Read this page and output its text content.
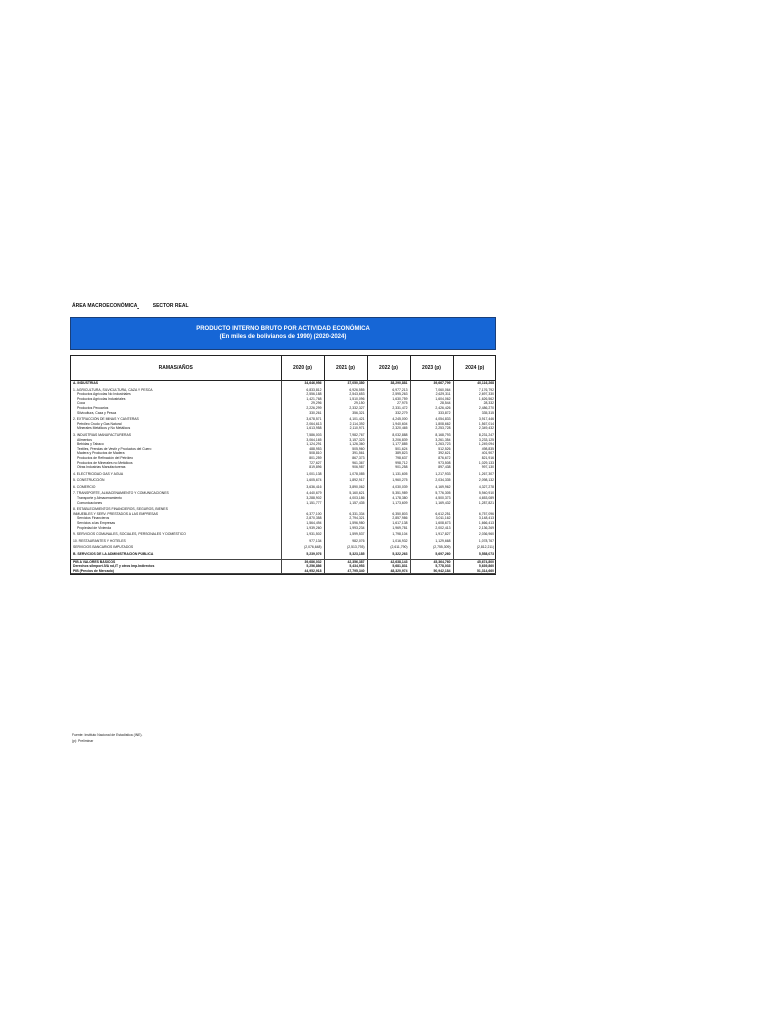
ÁREA MACROECONÓMICA	SECTOR REAL
PRODUCTO INTERNO BRUTO POR ACTIVIDAD ECONÓMICA
(En miles de bolivianos de 1990) (2020-2024)
RAMAS/AÑOS	2020 (p)	2021 (p)	2022 (p)	2023 (p)	2024 (p)
A. INDUSTRIAS	34,646,956	37,050,380	38,290,881	39,667,799	40,116,268

1. AGRICULTURA, SILVICULTURA, CAZA Y PESCA	6,833,812	6,926,555	6,977,213	7,060,064	7,176,792
Productos Agrícolas No Industriales	2,556,188	2,543,653	2,595,263	2,629,311	2,697,330
Productos Agrícolas Industriales	1,421,768	1,510,096	1,630,759	1,604,062	1,626,562
Coca	29,296	29,150	27,975	28,544	28,332
Productos Pecuarios	2,226,299	2,332,327	2,331,472	2,426,426	2,486,270
Silvicultura, Caza y Pesca	330,261	356,321	332,279	333,872	335,315

2. EXTRACCIÓN DE MINAS Y CANTERAS	3,678,571	4,101,421	4,245,000	4,054,833	3,917,446
Petróleo Crudo y Gas Natural	2,064,613	2,114,392	1,940,604	1,808,662	1,567,014
Minerales Metálicos y No Metálicos	1,613,958	2,110,971	2,320,465	2,253,728	2,349,432

3. INDUSTRIAS MANUFACTURERAS	7,586,003	7,982,767	8,032,888	8,168,793	8,231,247
Alimentos	3,064,165	3,157,323	3,206,839	3,261,354	3,233,125
Bebidas y Tabaco	1,124,291	1,126,360	1,177,885	1,263,723	1,249,094
Textiles, Prendas de Vestir y Productos del Cuero	488,953	505,960	501,624	512,526	498,835
Madera y Productos de Madera	508,810	391,561	389,823	392,621	401,907
Productos de Refinación del Petróleo	801,259	867,373	798,637	876,672	821,916
Productos de Minerales no Metálicos	727,627	961,367	998,712	973,508	1,029,133
Otras Industrias Manufactureras	819,896	906,987	901,258	897,438	997,130

4. ELECTRICIDAD GAS Y AGUA	1,001,138	1,078,085	1,131,605	1,217,933	1,267,307

5. CONSTRUCCIÓN	1,605,674	1,892,917	1,960,275	2,034,335	2,098,132

6. COMERCIO	3,636,416	3,890,062	4,030,039	4,169,962	4,327,278

7. TRANSPORTE, ALMACENAMIENTO Y COMUNICACIONES	4,440,679	5,160,621	5,351,989	5,776,305	5,940,910
Transporte y Almacenamiento	3,288,902	4,003,186	4,178,380	4,500,373	4,653,089
Comunicaciones	1,151,777	1,157,435	1,173,609	1,169,432	1,287,821

8. ESTABLECIMIENTOS FINANCIEROS, SEGUROS, BIENES					
INMUEBLES Y SERV. PRESTADOS A LAS EMPRESAS	6,377,100	6,331,334	6,350,803	6,612,251	6,757,096
Servicios Financieros	2,870,358	2,794,321	2,857,986	3,011,162	3,148,413
Servicios a las Empresas	1,564,494	1,596,980	1,617,138	1,608,673	1,666,413
Propiedad de Vivienda	1,939,260	1,993,234	1,969,781	2,002,413	2,136,269

9. SERVICIOS COMUNALES, SOCIALES, PERSONALES Y DOMÉSTICO	1,931,502	1,599,537	1,798,104	1,917,827	2,036,960

10. RESTAURANTES Y HOTELES	977,134	982,076	1,016,932	1,129,668	1,078,767

SERVICIOS BANCARIOS IMPUTADOS	(2,076,648)	(2,513,793)	(2,611,790)	(2,755,309)	(2,812,211)

B. SERVICIOS DE LA ADMINISTRACIÓN PÚBLICA	5,239,076	5,323,185	5,322,263	5,697,260	5,558,073

PIB A VALORES BÁSICOS	39,686,032	42,356,387	42,638,143	45,364,760	45,674,800
Derechos s/Import.IVA nd,IT y otros Imp.Indirectos	5,256,886	5,434,953	5,681,831	5,778,033	5,639,860
PIB (Precios de Mercado)	44,952,918	47,795,340	48,320,974	50,942,184	51,314,660
Fuente: Instituto Nacional de Estadística (INE).
(p): Preliminar
